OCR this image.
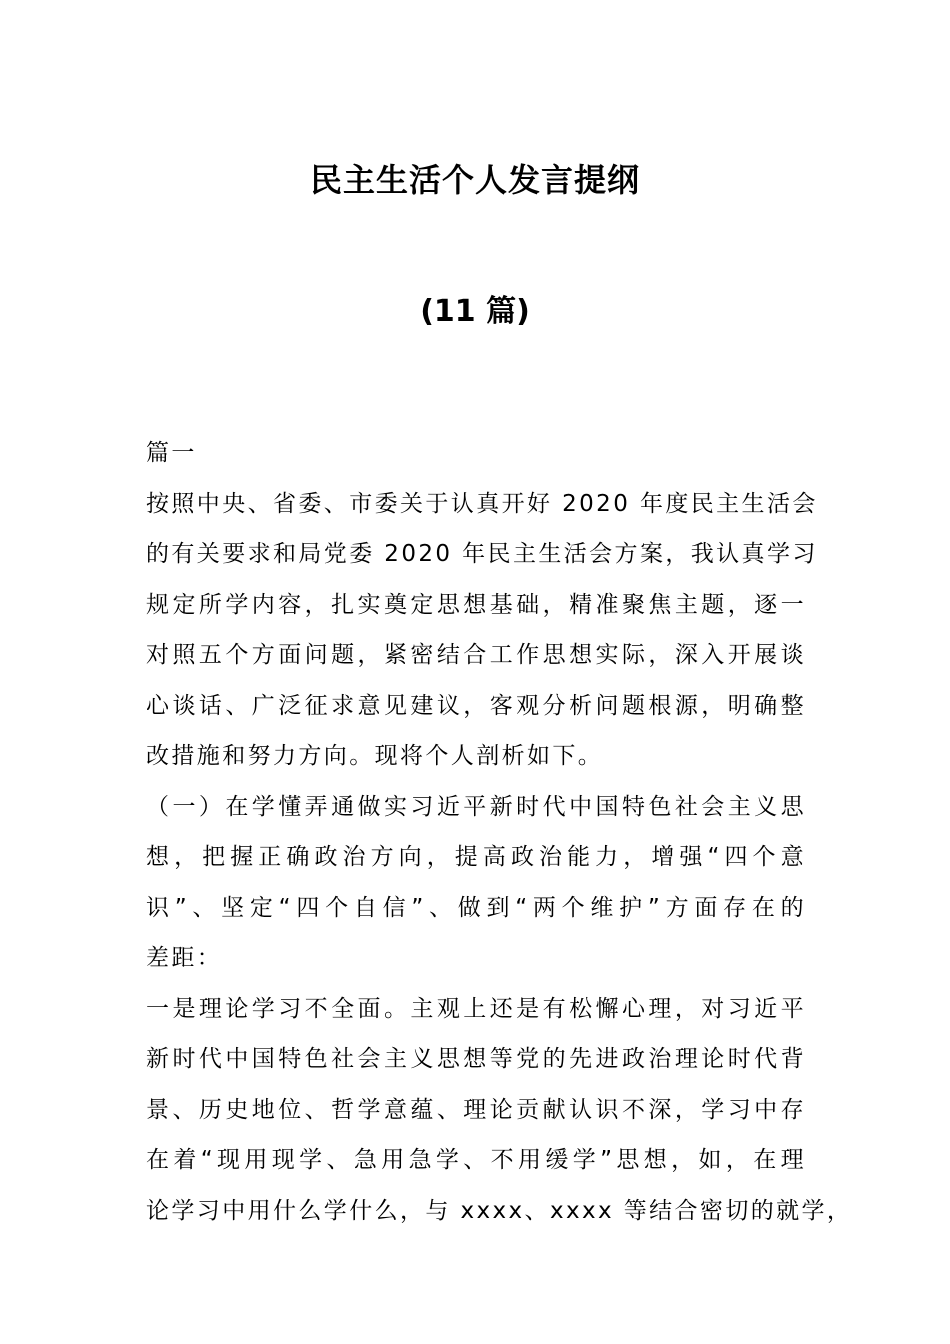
民主生活个人发言提纲
(11 篇)
篇一
按照中央、省委、市委关于认真开好 2020 年度民主生活会
的有关要求和局党委 2020 年民主生活会方案，我认真学习
规定所学内容，扎实奠定思想基础，精准聚焦主题，逐一
对照五个方面问题，紧密结合工作思想实际，深入开展谈
心谈话、广泛征求意见建议，客观分析问题根源，明确整
改措施和努力方向。现将个人剖析如下。
（一）在学懂弄通做实习近平新时代中国特色社会主义思
想，把握正确政治方向，提高政治能力，增强“四个意
识”、坚定“四个自信”、做到“两个维护”方面存在的
差距：
一是理论学习不全面。主观上还是有松懈心理，对习近平
新时代中国特色社会主义思想等党的先进政治理论时代背
景、历史地位、哲学意蕴、理论贡献认识不深，学习中存
在着“现用现学、急用急学、不用缓学”思想，如，在理
论学习中用什么学什么，与 xxxx、xxxx 等结合密切的就学，
